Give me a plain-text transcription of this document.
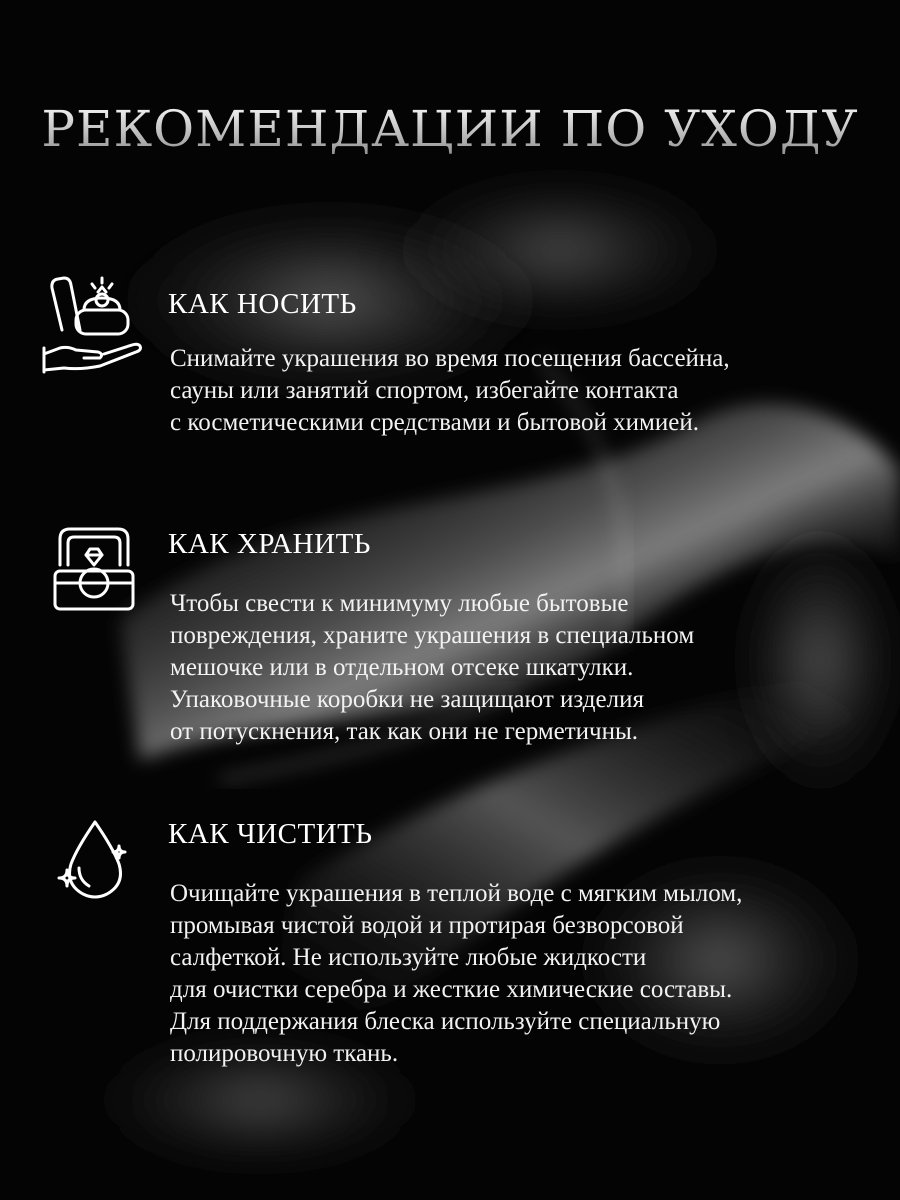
РЕКОМЕНДАЦИИ ПО УХОДУ
КАК НОСИТЬ
Снимайте украшения во время посещения бассейна,
сауны или занятий спортом, избегайте контакта
с косметическими средствами и бытовой химией.
КАК ХРАНИТЬ
Чтобы свести к минимуму любые бытовые
повреждения, храните украшения в специальном
мешочке или в отдельном отсеке шкатулки.
Упаковочные коробки не защищают изделия
от потускнения, так как они не герметичны.
КАК ЧИСТИТЬ
Очищайте украшения в теплой воде с мягким мылом,
промывая чистой водой и протирая безворсовой
салфеткой. Не используйте любые жидкости
для очистки серебра и жесткие химические составы.
Для поддержания блеска используйте специальную
полировочную ткань.
